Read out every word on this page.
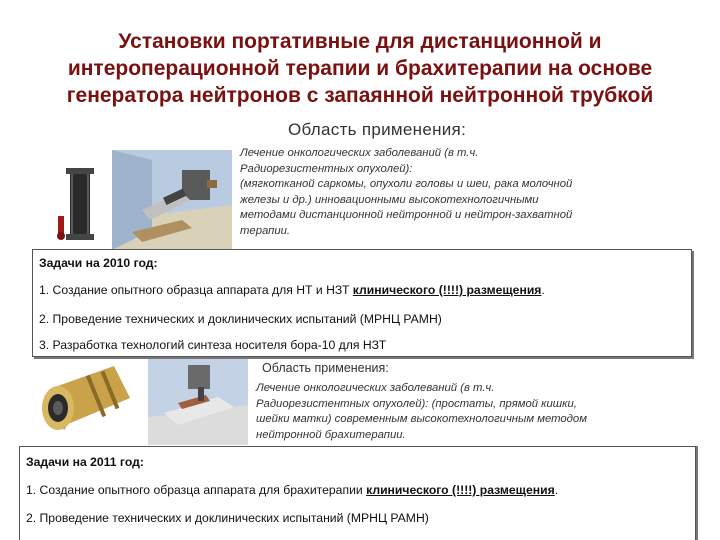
Установки портативные для дистанционной и
интероперационной терапии и брахитерапии на основе
генератора нейтронов с запаянной нейтронной трубкой
Область применения:
Лечение онкологических заболеваний (в т.ч.
Радиорезистентных опухолей):
(мягкотканой саркомы, опухоли головы и шеи, рака молочной
железы и др.) инновационными высокотехнологичными
методами дистанционной нейтронной и нейтрон-захватной
терапии.
Задачи на 2010 год:
1. Создание опытного образца аппарата для НТ и НЗТ клинического (!!!!) размещения.
2. Проведение технических и доклинических испытаний (МРНЦ РАМН)
3. Разработка технологий синтеза носителя бора-10 для НЗТ
Область применения:
Лечение онкологических заболеваний (в т.ч.
Радиорезистентных опухолей): (простаты, прямой кишки,
шейки матки) современным высокотехнологичным методом
нейтронной брахитерапии.
Задачи на 2011 год:
1. Создание опытного образца аппарата для брахитерапии клинического (!!!!) размещения.
2. Проведение технических и доклинических испытаний (МРНЦ РАМН)
